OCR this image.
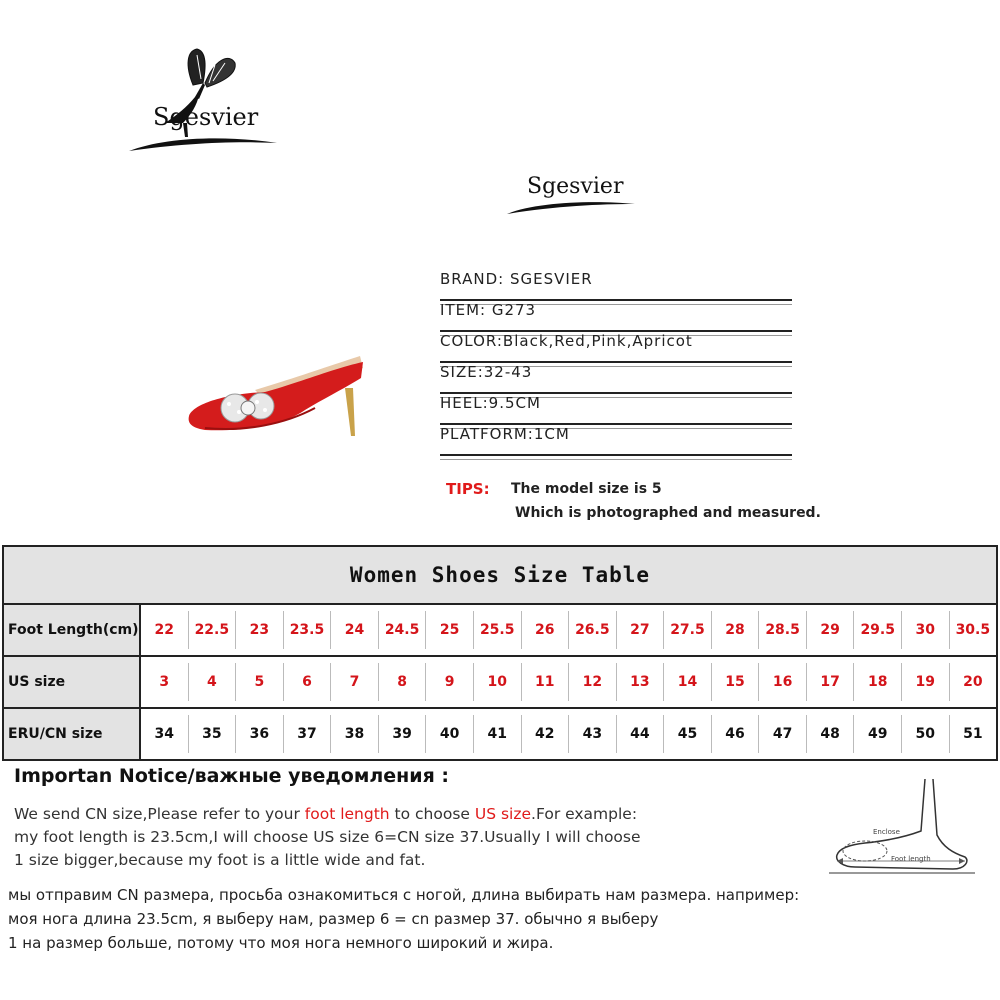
Sgesvier
Sgesvier
BRAND: SGESVIER
ITEM: G273
COLOR:Black,Red,Pink,Apricot
SIZE:32-43
HEEL:9.5CM
PLATFORM:1CM
TIPS: The model size is 5
Which is photographed and measured.
Women Shoes Size Table
Foot Length(cm)	22	22.5	23	23.5	24	24.5	25	25.5	26	26.5	27	27.5	28	28.5	29	29.5	30	30.5
US size	3	4	5	6	7	8	9	10	11	12	13	14	15	16	17	18	19	20
ERU/CN size	34	35	36	37	38	39	40	41	42	43	44	45	46	47	48	49	50	51
Importan Notice/важные уведомления :
We send CN size,Please refer to your foot length to choose US size.For example:
my foot length is 23.5cm,I will choose US size 6=CN size 37.Usually I will choose
1 size bigger,because my foot is a little wide and fat.
мы отправим CN размера, просьба ознакомиться с ногой, длина выбирать нам размера. например:
моя нога длина 23.5cm, я выберу нам, размер 6 = cn размер 37. обычно я выберу
1 на размер больше, потому что моя нога немного широкий и жира.
Enclose
Foot length
